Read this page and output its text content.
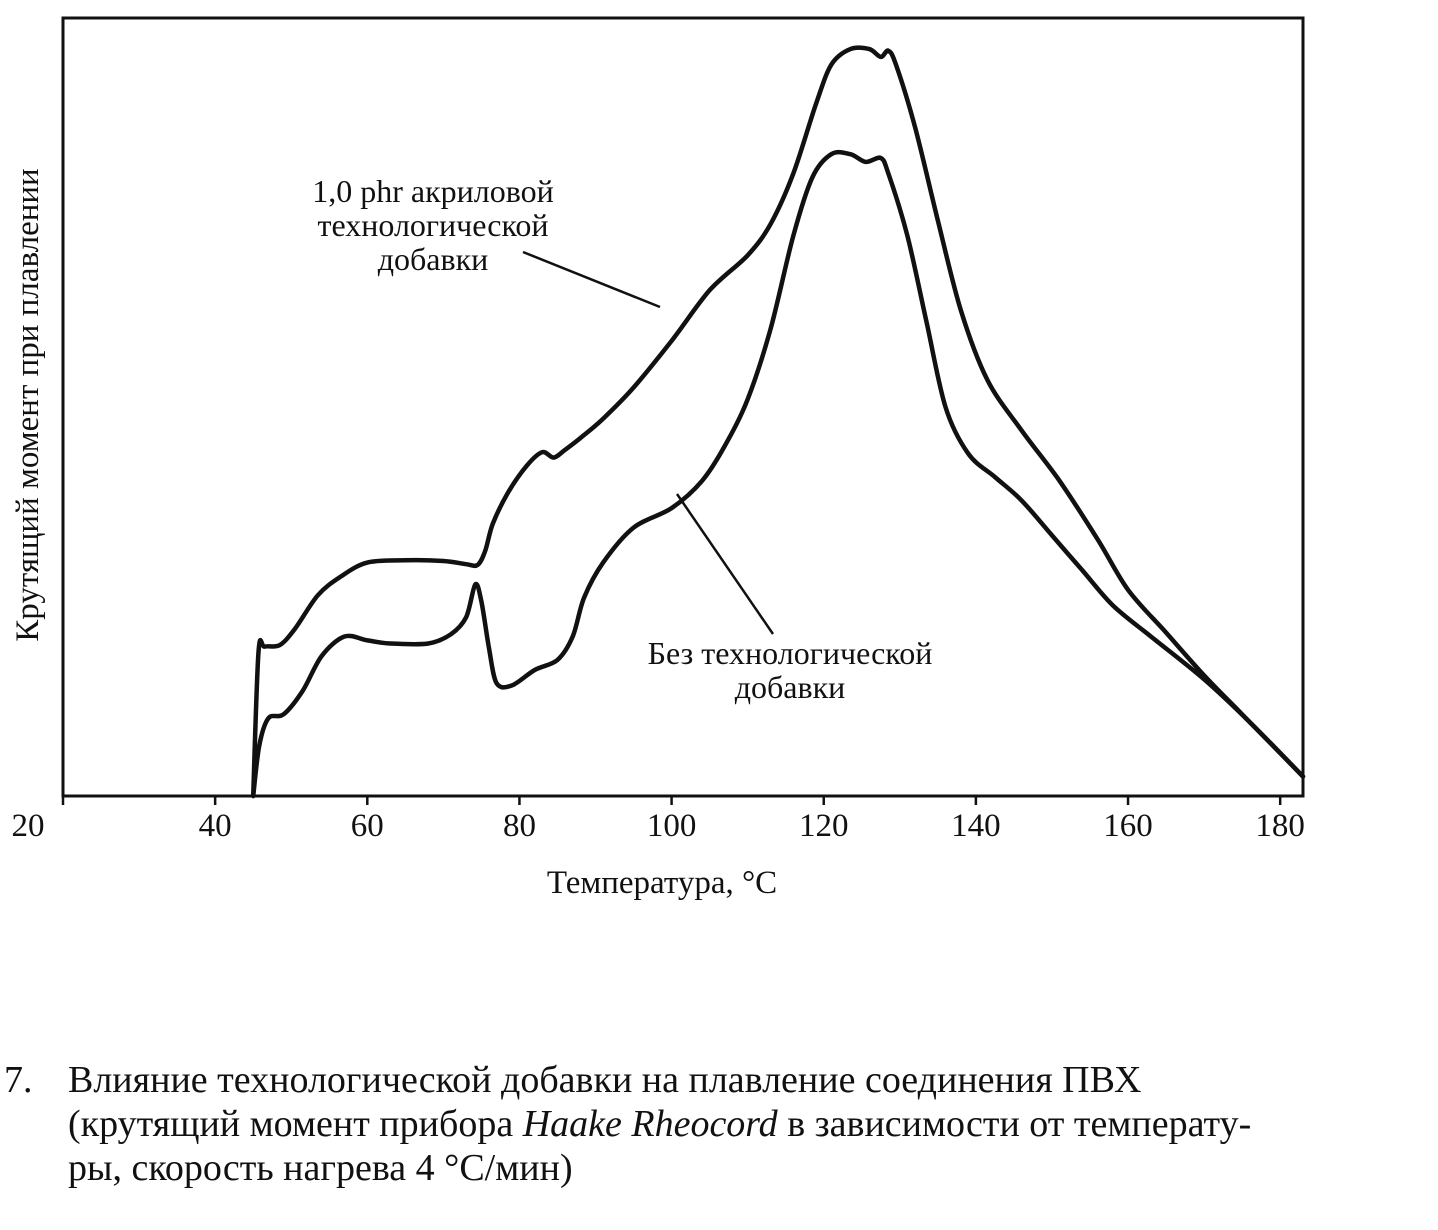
20	40	60	80	100	120	140	160	180
1,0 phr акриловой
технологической
добавки
Без технологической
добавки
Температура, °С
Крутящий момент при плавлении
7. Влияние технологической добавки на плавление соединения ПВХ
(крутящий момент прибора Haake Rheocord в зависимости от температу-
ры, скорость нагрева 4 °С/мин)
